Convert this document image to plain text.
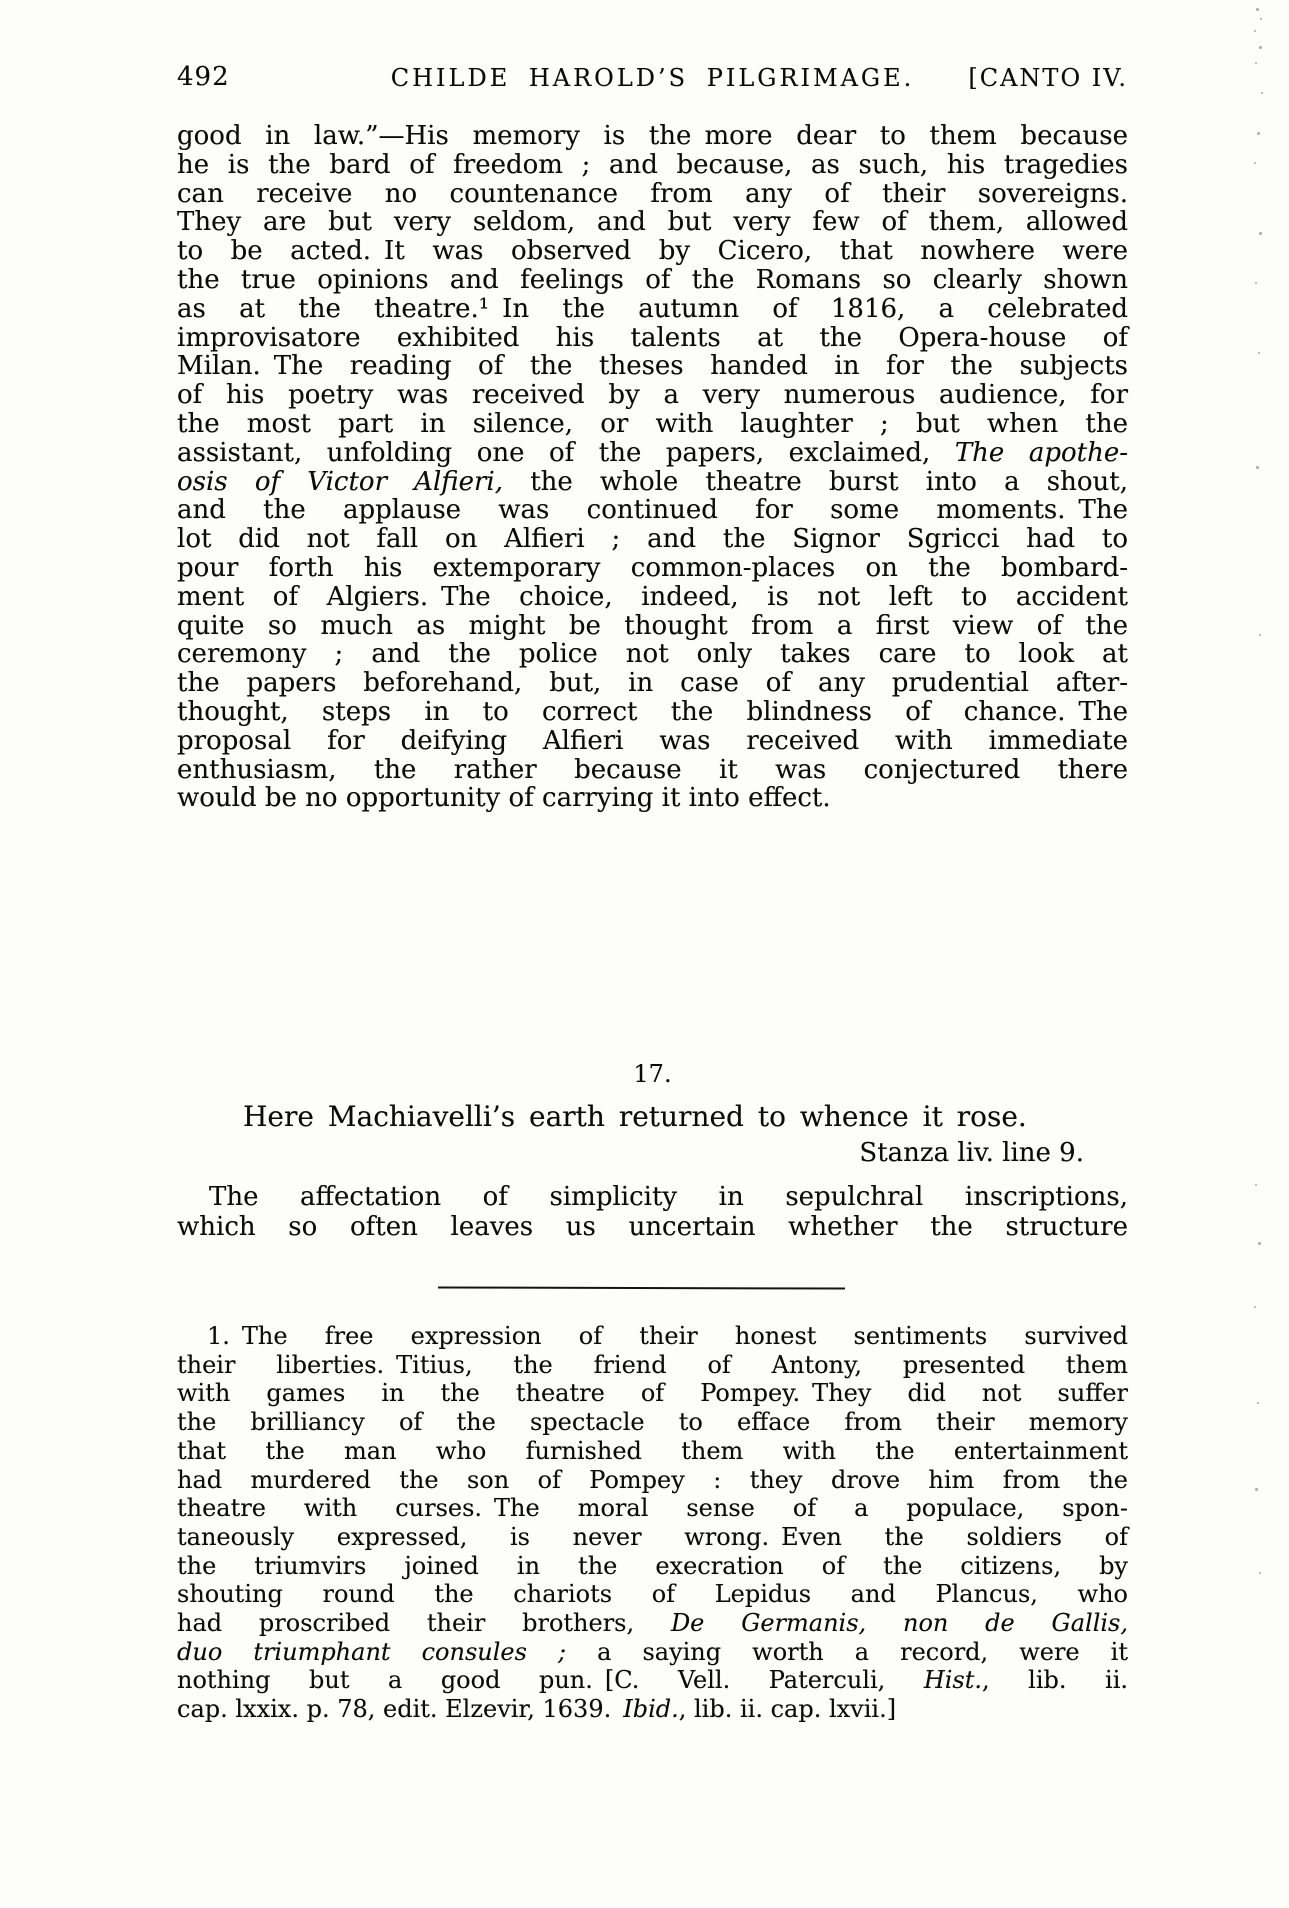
492	CHILDE HAROLD’S PILGRIMAGE.	[CANTO IV.
good in law.”—His memory is the more dear to them because
he is the bard of freedom ; and because, as such, his tragedies
can receive no countenance from any of their sovereigns.
They are but very seldom, and but very few of them, allowed
to be acted. It was observed by Cicero, that nowhere were
the true opinions and feelings of the Romans so clearly shown
as at the theatre.¹ In the autumn of 1816, a celebrated
improvisatore exhibited his talents at the Opera-house of
Milan. The reading of the theses handed in for the subjects
of his poetry was received by a very numerous audience, for
the most part in silence, or with laughter ; but when the
assistant, unfolding one of the papers, exclaimed, The apothe-
osis of Victor Alfieri, the whole theatre burst into a shout,
and the applause was continued for some moments. The
lot did not fall on Alfieri ; and the Signor Sgricci had to
pour forth his extemporary common-places on the bombard-
ment of Algiers. The choice, indeed, is not left to accident
quite so much as might be thought from a first view of the
ceremony ; and the police not only takes care to look at
the papers beforehand, but, in case of any prudential after-
thought, steps in to correct the blindness of chance. The
proposal for deifying Alfieri was received with immediate
enthusiasm, the rather because it was conjectured there
would be no opportunity of carrying it into effect.
17.
Here Machiavelli’s earth returned to whence it rose.
Stanza liv. line 9.
The affectation of simplicity in sepulchral inscriptions,
which so often leaves us uncertain whether the structure
1. The free expression of their honest sentiments survived
their liberties. Titius, the friend of Antony, presented them
with games in the theatre of Pompey. They did not suffer
the brilliancy of the spectacle to efface from their memory
that the man who furnished them with the entertainment
had murdered the son of Pompey : they drove him from the
theatre with curses. The moral sense of a populace, spon-
taneously expressed, is never wrong. Even the soldiers of
the triumvirs joined in the execration of the citizens, by
shouting round the chariots of Lepidus and Plancus, who
had proscribed their brothers, De Germanis, non de Gallis,
duo triumphant consules ; a saying worth a record, were it
nothing but a good pun. [C. Vell. Paterculi, Hist., lib. ii.
cap. lxxix. p. 78, edit. Elzevir, 1639. Ibid., lib. ii. cap. lxvii.]
